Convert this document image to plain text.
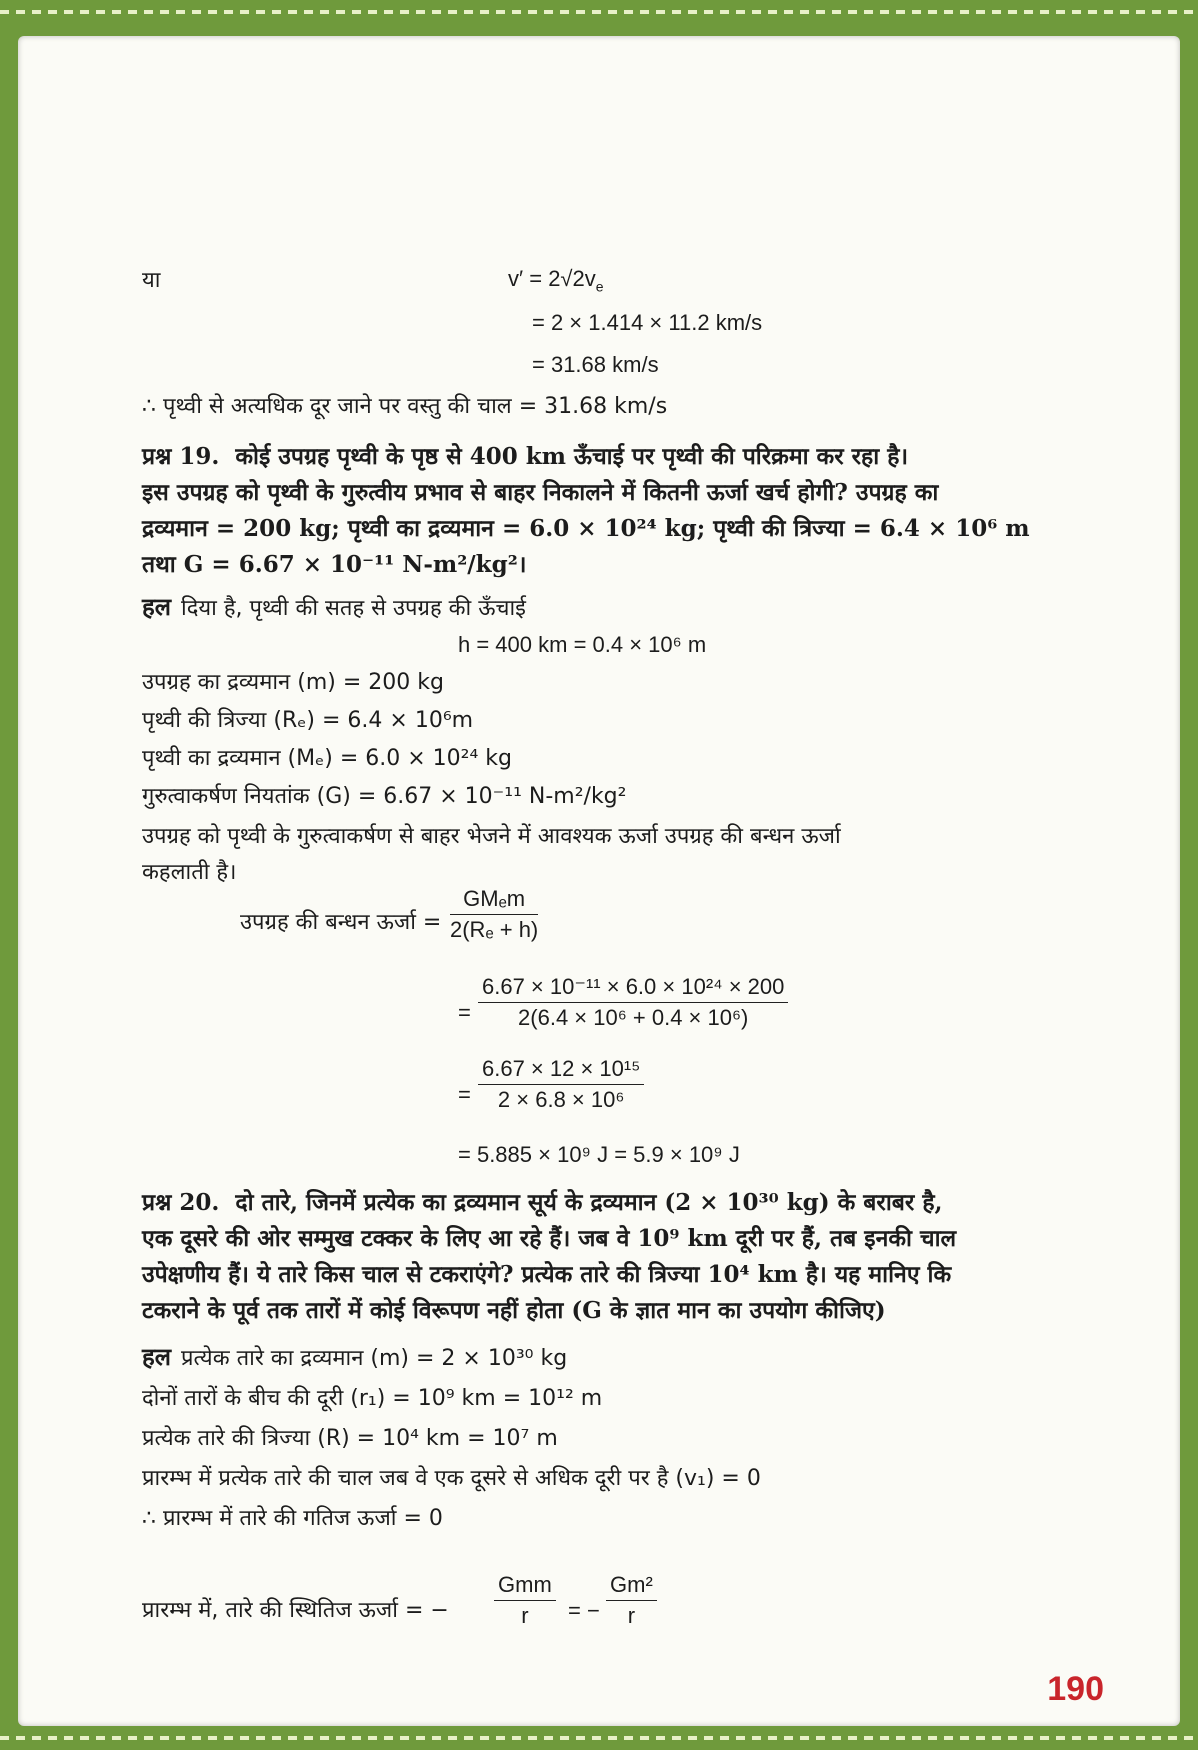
या	$v' = 2√2v_e$
= 2 × 1.414 × 11.2 km/s
= 31.68 km/s
∴ पृथ्वी से अत्यधिक दूर जाने पर वस्तु की चाल = 31.68 km/s
प्रश्न 19. कोई उपग्रह पृथ्वी के पृष्ठ से 400 km ऊँचाई पर पृथ्वी की परिक्रमा कर रहा है।
इस उपग्रह को पृथ्वी के गुरुत्वीय प्रभाव से बाहर निकालने में कितनी ऊर्जा खर्च होगी? उपग्रह का
द्रव्यमान = 200 kg; पृथ्वी का द्रव्यमान = 6.0 × 10²⁴ kg; पृथ्वी की त्रिज्या = 6.4 × 10⁶ m
तथा G = 6.67 × 10⁻¹¹ N-m²/kg²।
हल दिया है, पृथ्वी की सतह से उपग्रह की ऊँचाई
h = 400 km = 0.4 × 10⁶ m
उपग्रह का द्रव्यमान (m) = 200 kg
पृथ्वी की त्रिज्या (Rₑ) = 6.4 × 10⁶m
पृथ्वी का द्रव्यमान (Mₑ) = 6.0 × 10²⁴ kg
गुरुत्वाकर्षण नियतांक (G) = 6.67 × 10⁻¹¹ N-m²/kg²
उपग्रह को पृथ्वी के गुरुत्वाकर्षण से बाहर भेजने में आवश्यक ऊर्जा उपग्रह की बन्धन ऊर्जा
कहलाती है।
उपग्रह की बन्धन ऊर्जा =
GMₑm
2(Rₑ + h)
= $\frac{\text{6.67 × 10⁻¹¹ × 6.0 × 10²⁴ × 200}}{\text{2(6.4 × 10⁶ + 0.4 × 10⁶)}}$
= $\frac{\text{6.67 × 12 × 10¹⁵}}{\text{2 × 6.8 × 10⁶}}$
= 5.885 × 10⁹ J = 5.9 × 10⁹ J
प्रश्न 20. दो तारे, जिनमें प्रत्येक का द्रव्यमान सूर्य के द्रव्यमान (2 × 10³⁰ kg) के बराबर है,
एक दूसरे की ओर सम्मुख टक्कर के लिए आ रहे हैं। जब वे 10⁹ km दूरी पर हैं, तब इनकी चाल
उपेक्षणीय हैं। ये तारे किस चाल से टकराएंगे? प्रत्येक तारे की त्रिज्या 10⁴ km है। यह मानिए कि
टकराने के पूर्व तक तारों में कोई विरूपण नहीं होता (G के ज्ञात मान का उपयोग कीजिए)
हल प्रत्येक तारे का द्रव्यमान (m) = 2 × 10³⁰ kg
दोनों तारों के बीच की दूरी (r₁) = 10⁹ km = 10¹² m
प्रत्येक तारे की त्रिज्या (R) = 10⁴ km = 10⁷ m
प्रारम्भ में प्रत्येक तारे की चाल जब वे एक दूसरे से अधिक दूरी पर है (v₁) = 0
∴ प्रारम्भ में तारे की गतिज ऊर्जा = 0
प्रारम्भ में, तारे की स्थितिज ऊर्जा = −
Gmm
r	= − $\frac{\text{Gm²}}{r}$
190
